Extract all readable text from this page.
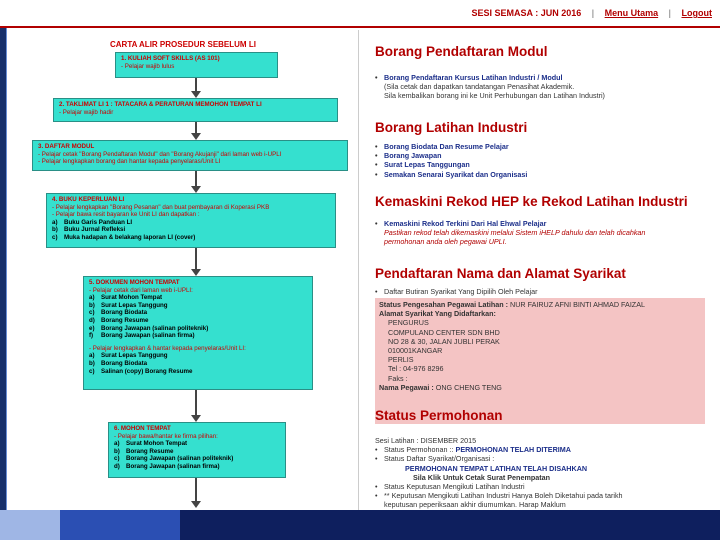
SESI SEMASA : JUN 2016 | Menu Utama | Logout
CARTA ALIR PROSEDUR SEBELUM LI
1. KULIAH SOFT SKILLS (AS 101)
- Pelajar wajib lulus
2. TAKLIMAT LI 1 : TATACARA & PERATURAN MEMOHON TEMPAT LI
- Pelajar wajib hadir
3. DAFTAR MODUL
- Pelajar cetak "Borang Pendaftaran Modul" dan "Borang Akujanji" dari laman web i-UPLI
- Pelajar lengkapkan borang dan hantar kepada penyelaras/Unit LI
4. BUKU KEPERLUAN LI
- Pelajar lengkapkan "Borang Pesanan" dan buat pembayaran di Koperasi PKB
- Pelajar bawa resit bayaran ke Unit LI dan dapatkan :
a)	Buku Garis Panduan LI
b) Buku Jurnal Refleksi
c)	Muka hadapan & belakang laporan LI (cover)
5. DOKUMEN MOHON TEMPAT
- Pelajar cetak dari laman web i-UPLI:
a)	Surat Mohon Tempat
b) Surat Lepas Tanggung
c)	Borang Biodata
d) Borang Resume
e)	Borang Jawapan (salinan politeknik)
f)	Borang Jawapan (salinan firma)
- Pelajar lengkapkan & hantar kepada penyelaras/Unit LI:
a)	Surat Lepas Tanggung
b) Borang Biodata
c)	Salinan (copy) Borang Resume
6. MOHON TEMPAT
- Pelajar bawa/hantar ke firma pilihan:
a)	Surat Mohon Tempat
b) Borang Resume
c)	Borang Jawapan (salinan politeknik)
d) Borang Jawapan (salinan firma)
Borang Pendaftaran Modul
• Borang Pendaftaran Kursus Latihan Industri / Modul
(Sila cetak dan dapatkan tandatangan Penasihat Akademik.
Sila kembalikan borang ini ke Unit Perhubungan dan Latihan Industri)
Borang Latihan Industri
• Borang Biodata Dan Resume Pelajar
• Borang Jawapan
• Surat Lepas Tanggungan
• Semakan Senarai Syarikat dan Organisasi
Kemaskini Rekod HEP ke Rekod Latihan Industri
• Kemaskini Rekod Terkini Dari Hal Ehwal Pelajar
Pastikan rekod telah dikemaskini melalui Sistem iHELP dahulu dan telah dicahkan
permohonan anda oleh pegawai UPLI.
Pendaftaran Nama dan Alamat Syarikat
• Daftar Butiran Syarikat Yang Dipilih Oleh Pelajar
Status Pengesahan Pegawai Latihan : NUR FAIRUZ AFNI BINTI AHMAD FAIZAL
Alamat Syarikat Yang Didaftarkan:
PENGURUS
COMPULAND CENTER SDN BHD
NO 28 & 30, JALAN JUBLI PERAK
010001KANGAR
PERLIS
Tel : 04-976 8296
Faks :
Nama Pegawai : ONG CHENG TENG
Status Permohonan
Sesi Latihan : DISEMBER 2015
• Status Permohonan :: PERMOHONAN TELAH DITERIMA
• Status Daftar Syarikat/Organisasi :
PERMOHONAN TEMPAT LATIHAN TELAH DISAHKAN
Sila Klik Untuk Cetak Surat Penempatan
• Status Keputusan Mengikuti Latihan Industri
• ** Keputusan Mengikuti Latihan Industri Hanya Boleh Diketahui pada tarikh
keputusan peperiksaan akhir diumumkan. Harap Maklum
